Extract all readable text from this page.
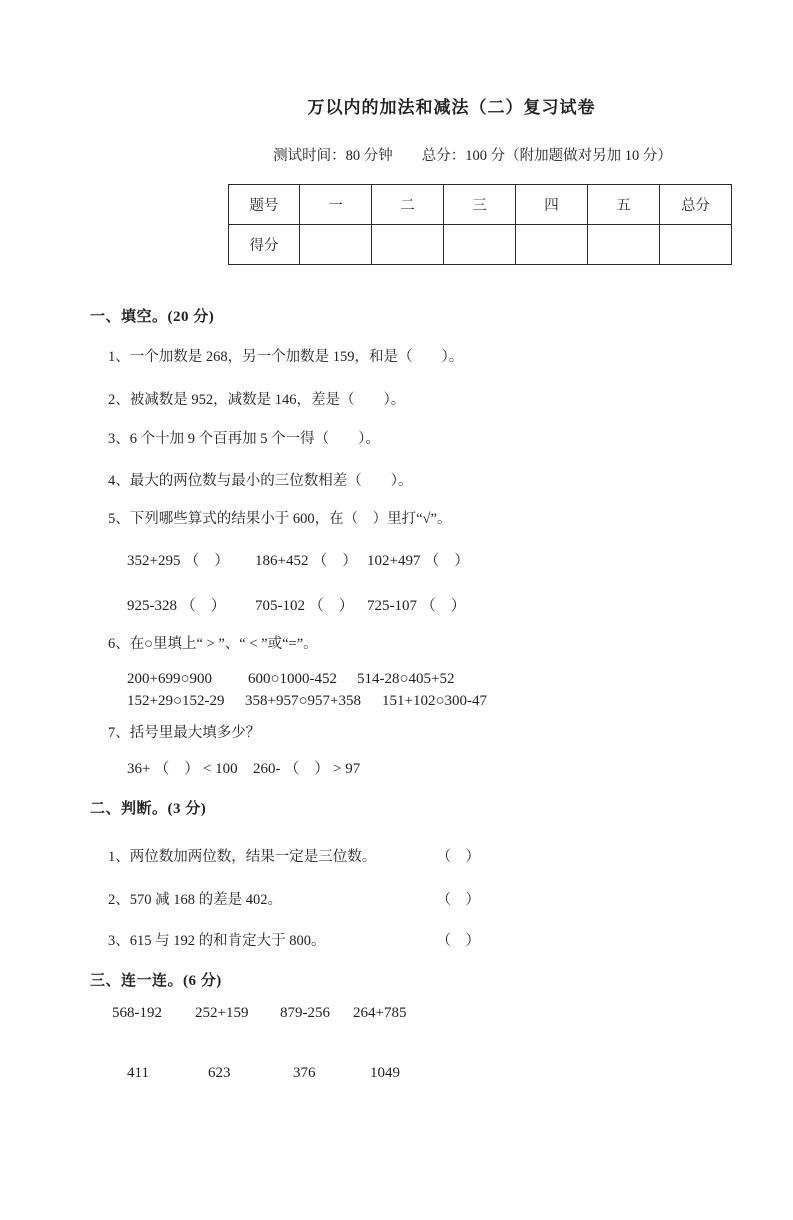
万以内的加法和减法（二）复习试卷
测试时间：80 分钟　　总分：100 分（附加题做对另加 10 分）
题号	一	二	三	四	五	总分
得分						
一、填空。(20 分)
1、一个加数是 268，另一个加数是 159，和是（　　）。
2、被减数是 952，减数是 146，差是（　　）。
3、6 个十加 9 个百再加 5 个一得（　　）。
4、最大的两位数与最小的三位数相差（　　）。
5、下列哪些算式的结果小于 600，在（　）里打“√”。
352+295 （　）	186+452 （　） 102+497 （　）
925-328 （　）	705-102 （　） 725-107 （　）
6、在○里填上“ > ”、“ < ”或“=”。
200+699○900	600○1000-452	514-28○405+52
152+29○152-29	358+957○957+358	151+102○300-47
7、括号里最大填多少？
36+ （　） < 100	260- （　） > 97
二、判断。(3 分)
1、两位数加两位数，结果一定是三位数。	（　）
2、570 减 168 的差是 402。	（　）
3、615 与 192 的和肯定大于 800。	（　）
三、连一连。(6 分)
568-192	252+159	879-256	264+785
411	623	376	1049
